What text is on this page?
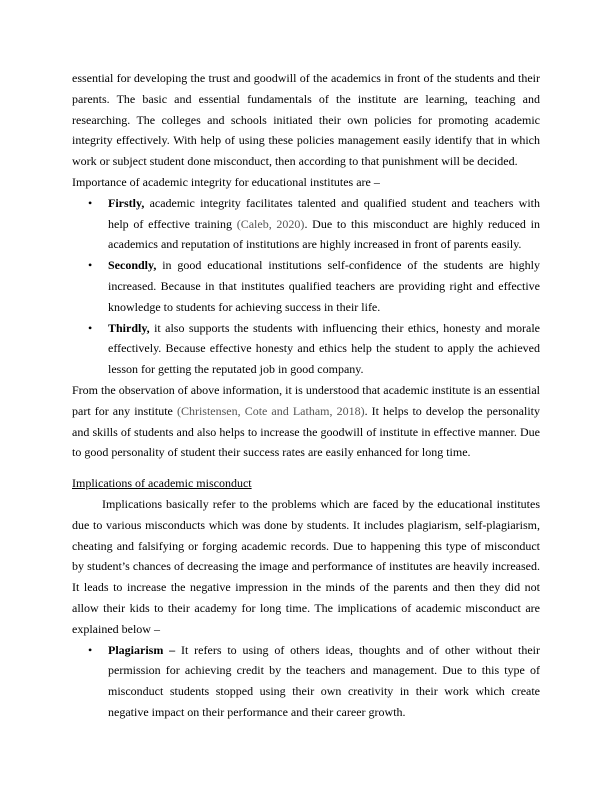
essential for developing the trust and goodwill of the academics in front of the students and their parents. The basic and essential fundamentals of the institute are learning, teaching and researching. The colleges and schools initiated their own policies for promoting academic integrity effectively. With help of using these policies management easily identify that in which work or subject student done misconduct, then according to that punishment will be decided.

Importance of academic integrity for educational institutes are –

• Firstly, academic integrity facilitates talented and qualified student and teachers with help of effective training (Caleb, 2020). Due to this misconduct are highly reduced in academics and reputation of institutions are highly increased in front of parents easily.
• Secondly, in good educational institutions self-confidence of the students are highly increased. Because in that institutes qualified teachers are providing right and effective knowledge to students for achieving success in their life.
• Thirdly, it also supports the students with influencing their ethics, honesty and morale effectively. Because effective honesty and ethics help the student to apply the achieved lesson for getting the reputated job in good company.

From the observation of above information, it is understood that academic institute is an essential part for any institute (Christensen, Cote and Latham, 2018). It helps to develop the personality and skills of students and also helps to increase the goodwill of institute in effective manner. Due to good personality of student their success rates are easily enhanced for long time.

Implications of academic misconduct

Implications basically refer to the problems which are faced by the educational institutes due to various misconducts which was done by students. It includes plagiarism, self-plagiarism, cheating and falsifying or forging academic records. Due to happening this type of misconduct by student’s chances of decreasing the image and performance of institutes are heavily increased. It leads to increase the negative impression in the minds of the parents and then they did not allow their kids to their academy for long time. The implications of academic misconduct are explained below –

• Plagiarism – It refers to using of others ideas, thoughts and of other without their permission for achieving credit by the teachers and management. Due to this type of misconduct students stopped using their own creativity in their work which create negative impact on their performance and their career growth.
